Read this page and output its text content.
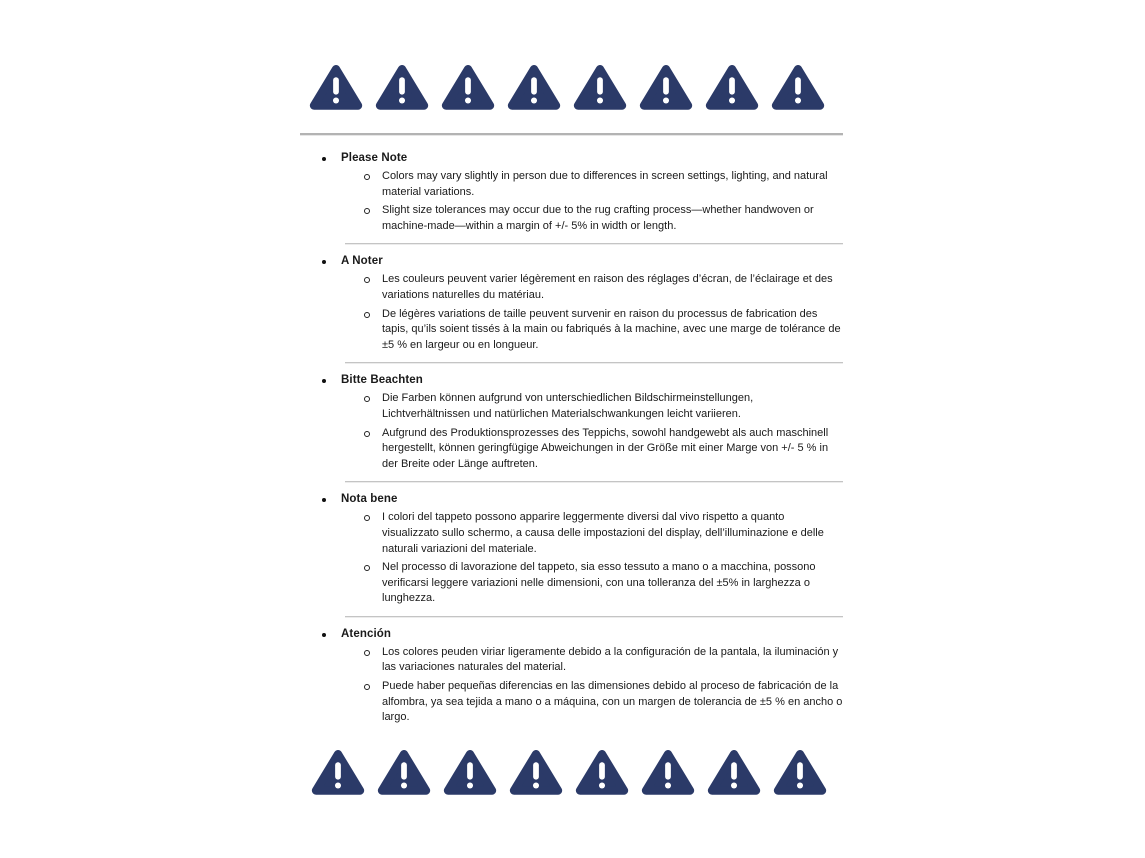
Please Note

Colors may vary slightly in person due to differences in screen settings, lighting, and natural material variations.

Slight size tolerances may occur due to the rug crafting process—whether handwoven or machine-made—within a margin of +/- 5% in width or length.

A Noter

Les couleurs peuvent varier légèrement en raison des réglages d’écran, de l’éclairage et des variations naturelles du matériau.

De légères variations de taille peuvent survenir en raison du processus de fabrication des tapis, qu’ils soient tissés à la main ou fabriqués à la machine, avec une marge de tolérance de ±5 % en largeur ou en longueur.

Bitte Beachten

Die Farben können aufgrund von unterschiedlichen Bildschirmeinstellungen, Lichtverhältnissen und natürlichen Materialschwankungen leicht variieren.

Aufgrund des Produktionsprozesses des Teppichs, sowohl handgewebt als auch maschinell hergestellt, können geringfügige Abweichungen in der Größe mit einer Marge von +/- 5 % in der Breite oder Länge auftreten.

Nota bene

I colori del tappeto possono apparire leggermente diversi dal vivo rispetto a quanto visualizzato sullo schermo, a causa delle impostazioni del display, dell’illuminazione e delle naturali variazioni del materiale.

Nel processo di lavorazione del tappeto, sia esso tessuto a mano o a macchina, possono verificarsi leggere variazioni nelle dimensioni, con una tolleranza del ±5% in larghezza o lunghezza.

Atención

Los colores peuden viriar ligeramente debido a la configuración de la pantala, la iluminación y las variaciones naturales del material.

Puede haber pequeñas diferencias en las dimensiones debido al proceso de fabricación de la alfombra, ya sea tejida a mano o a máquina, con un margen de tolerancia de ±5 % en ancho o largo.
